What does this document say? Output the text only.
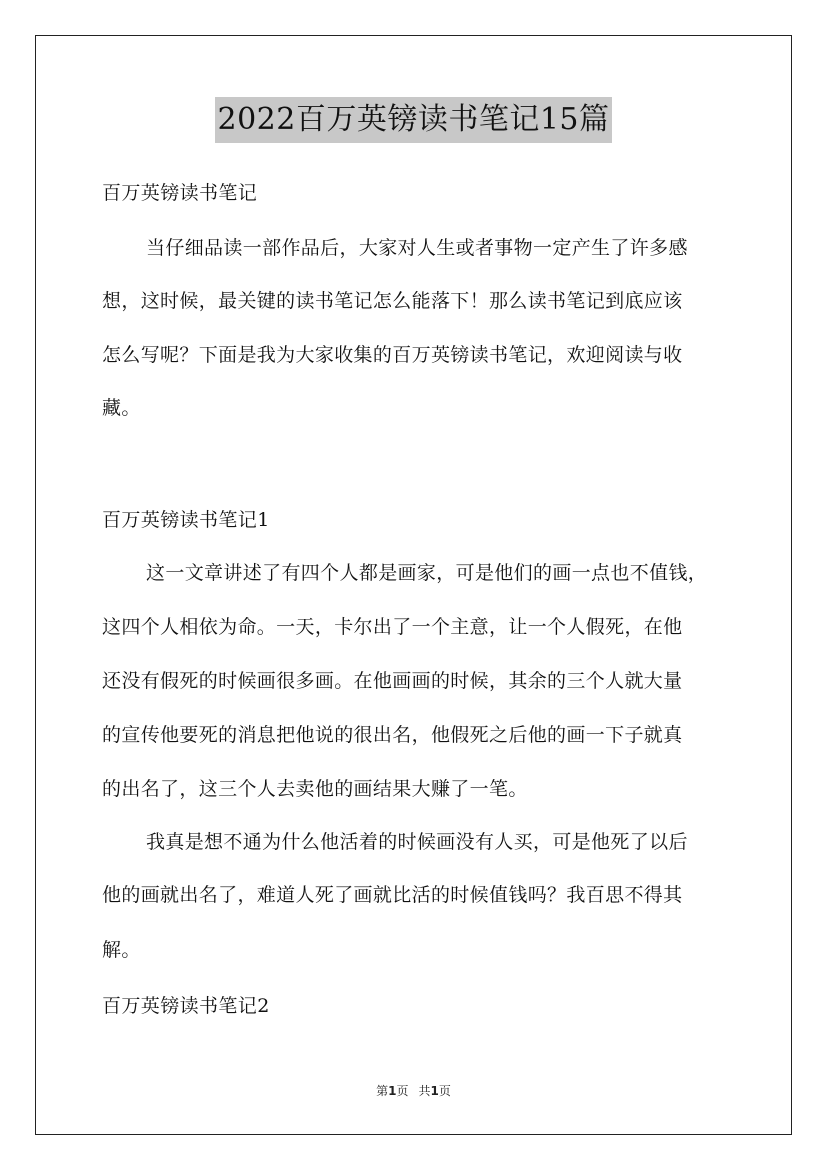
2022百万英镑读书笔记15篇
百万英镑读书笔记
当仔细品读一部作品后，大家对人生或者事物一定产生了许多感
想，这时候，最关键的读书笔记怎么能落下！那么读书笔记到底应该
怎么写呢？下面是我为大家收集的百万英镑读书笔记，欢迎阅读与收
藏。
百万英镑读书笔记1
这一文章讲述了有四个人都是画家，可是他们的画一点也不值钱，
这四个人相依为命。一天，卡尔出了一个主意，让一个人假死，在他
还没有假死的时候画很多画。在他画画的时候，其余的三个人就大量
的宣传他要死的消息把他说的很出名，他假死之后他的画一下子就真
的出名了，这三个人去卖他的画结果大赚了一笔。
我真是想不通为什么他活着的时候画没有人买，可是他死了以后
他的画就出名了，难道人死了画就比活的时候值钱吗？我百思不得其
解。
百万英镑读书笔记2
第1页 共1页
